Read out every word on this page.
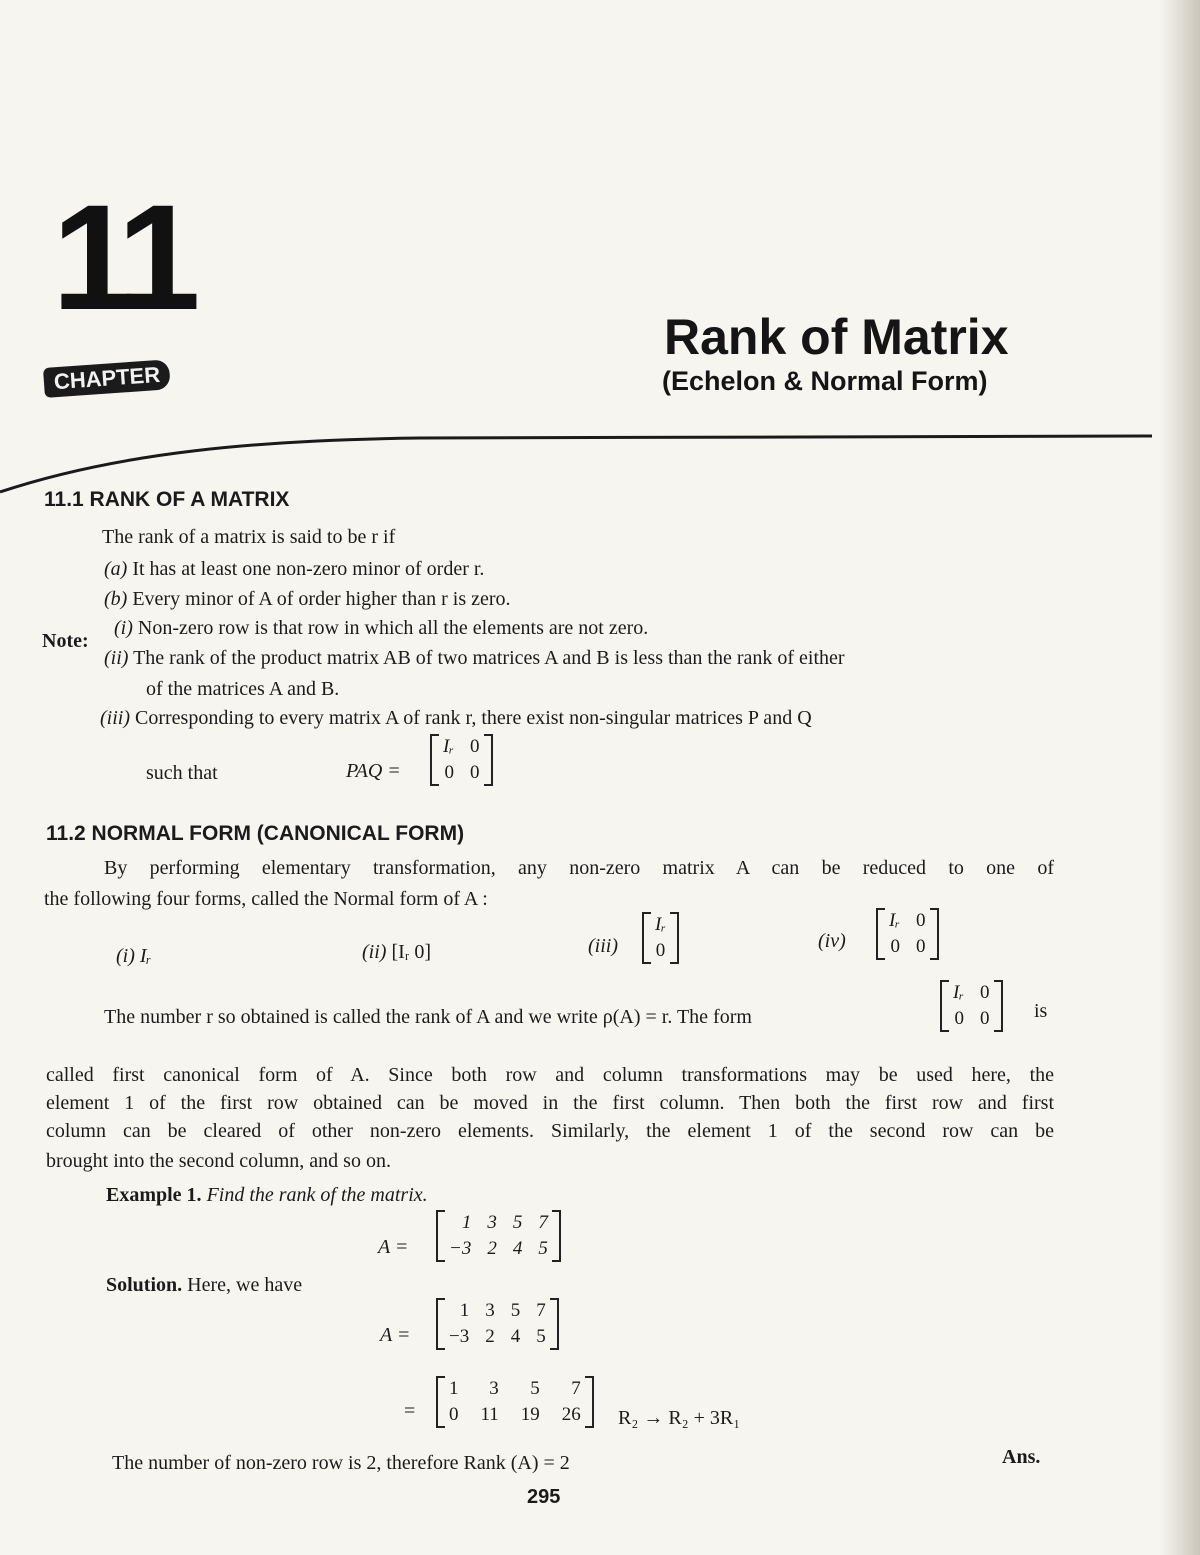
11
CHAPTER
Rank of Matrix
(Echelon & Normal Form)
11.1 RANK OF A MATRIX
The rank of a matrix is said to be r if
(a) It has at least one non-zero minor of order r.
(b) Every minor of A of order higher than r is zero.
Note:
(i) Non-zero row is that row in which all the elements are not zero.
(ii) The rank of the product matrix AB of two matrices A and B is less than the rank of either
of the matrices A and B.
(iii) Corresponding to every matrix A of rank r, there exist non-singular matrices P and Q
such that	PAQ =
Iᵣ 0
0 0
11.2 NORMAL FORM (CANONICAL FORM)
By performing elementary transformation, any non-zero matrix A can be reduced to one of
the following four forms, called the Normal form of A :
(i) Iᵣ	(ii) [Iᵣ 0]	(iii)
Iᵣ
0	(iv)
Iᵣ 0
0 0
The number r so obtained is called the rank of A and we write ρ(A) = r. The form
Iᵣ 0
0 0 is
called first canonical form of A. Since both row and column transformations may be used here, the
element 1 of the first row obtained can be moved in the first column. Then both the first row and first
column can be cleared of other non-zero elements. Similarly, the element 1 of the second row can be
brought into the second column, and so on.
Example 1. Find the rank of the matrix.
A =
1 3 5 7
−3 2 4 5
Solution. Here, we have
A =
1 3 5 7
−3 2 4 5
=
1	3	5	7
0 11 19 26 R₂ → R₂ + 3R₁
The number of non-zero row is 2, therefore Rank (A) = 2	Ans.
295
